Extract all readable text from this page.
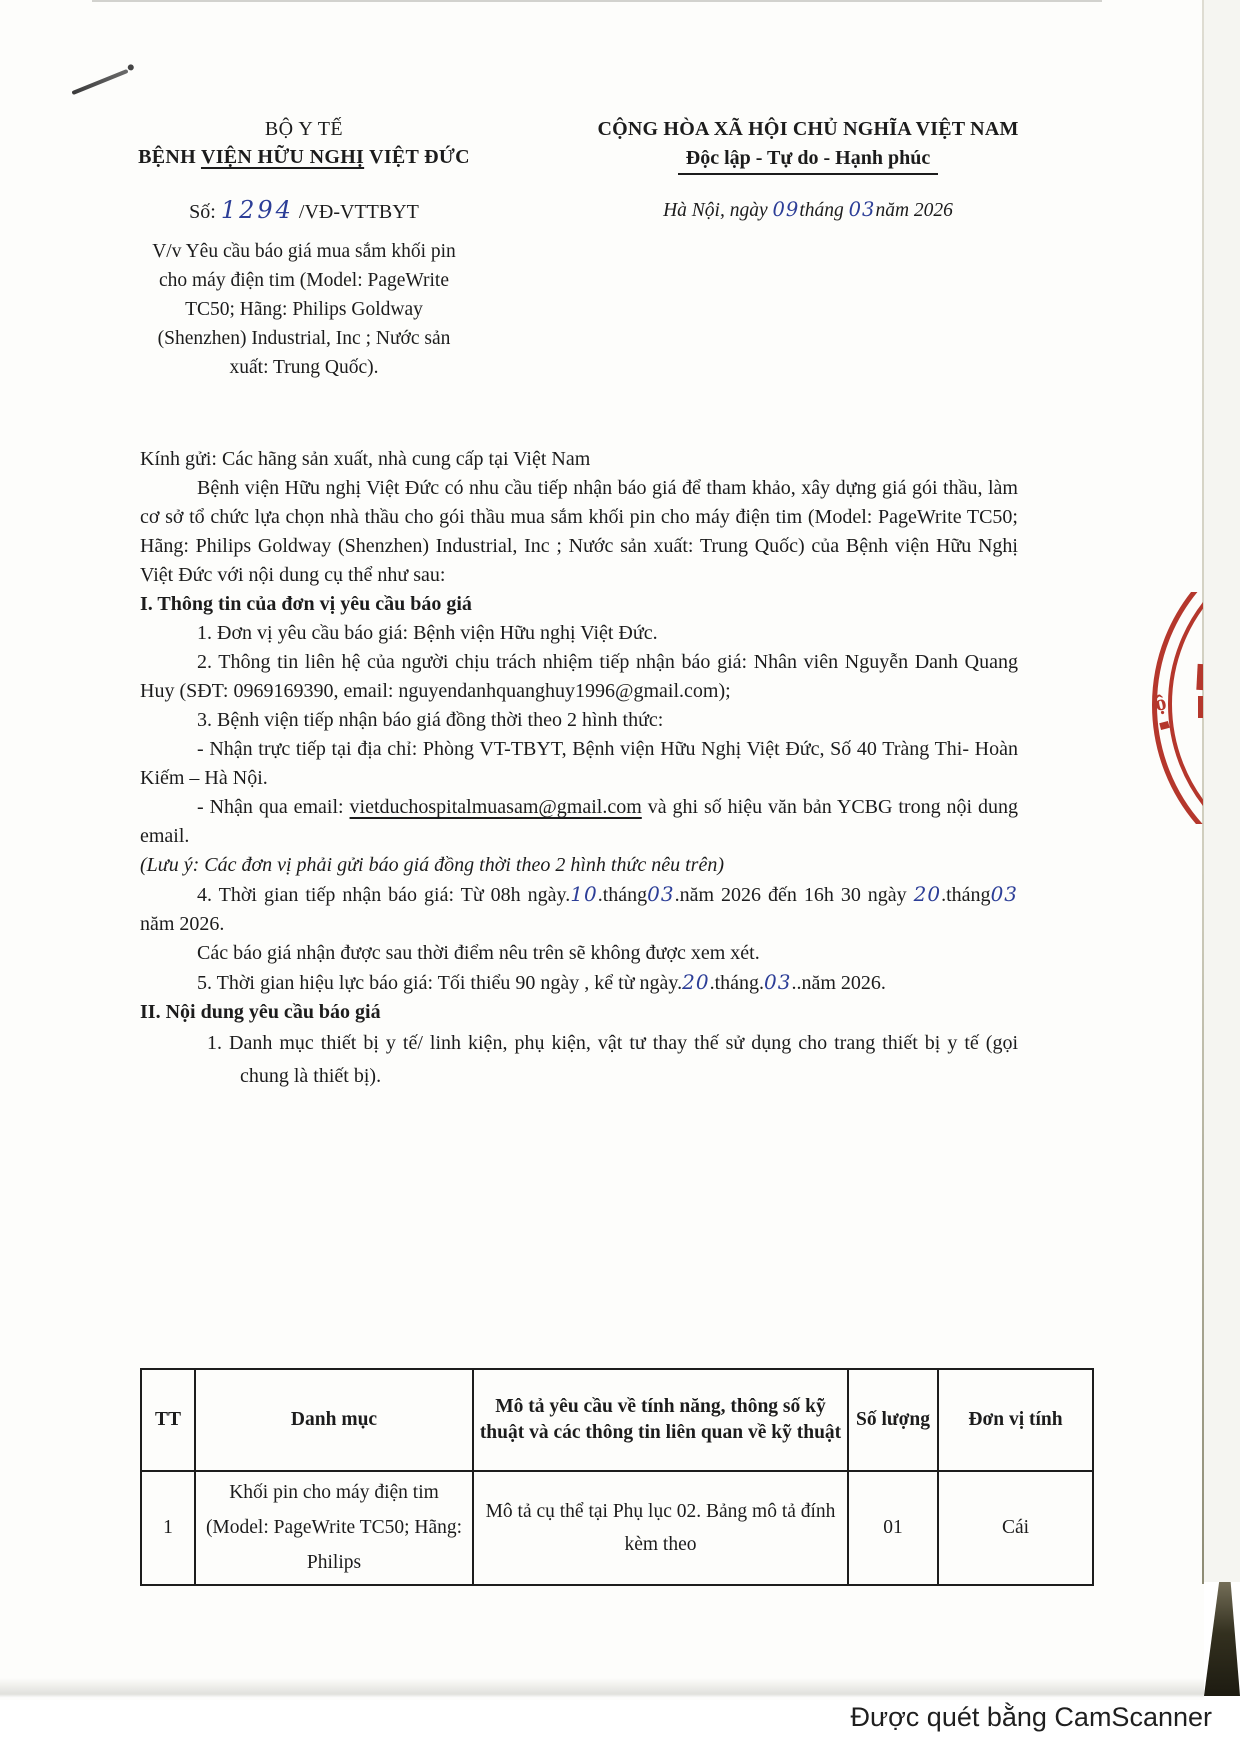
BỘ Y TẾ
BỆNH VIỆN HỮU NGHỊ VIỆT ĐỨC
Số: 1294 /VĐ-VTTBYT
V/v Yêu cầu báo giá mua sắm khối pin
cho máy điện tim (Model: PageWrite
TC50; Hãng: Philips Goldway
(Shenzhen) Industrial, Inc ; Nước sản
xuất: Trung Quốc).
CỘNG HÒA XÃ HỘI CHỦ NGHĨA VIỆT NAM
Độc lập - Tự do - Hạnh phúc
Hà Nội, ngày 09tháng 03năm 2026

Kính gửi: Các hãng sản xuất, nhà cung cấp tại Việt Nam

Bệnh viện Hữu nghị Việt Đức có nhu cầu tiếp nhận báo giá để tham khảo, xây dựng giá gói thầu, làm cơ sở tổ chức lựa chọn nhà thầu cho gói thầu mua sắm khối pin cho máy điện tim (Model: PageWrite TC50; Hãng: Philips Goldway (Shenzhen) Industrial, Inc ; Nước sản xuất: Trung Quốc) của Bệnh viện Hữu Nghị Việt Đức với nội dung cụ thể như sau:

I. Thông tin của đơn vị yêu cầu báo giá

1. Đơn vị yêu cầu báo giá: Bệnh viện Hữu nghị Việt Đức.

2. Thông tin liên hệ của người chịu trách nhiệm tiếp nhận báo giá: Nhân viên Nguyễn Danh Quang Huy (SĐT: 0969169390, email: nguyendanhquanghuy1996@gmail.com);

3. Bệnh viện tiếp nhận báo giá đồng thời theo 2 hình thức:

- Nhận trực tiếp tại địa chỉ: Phòng VT-TBYT, Bệnh viện Hữu Nghị Việt Đức, Số 40 Tràng Thi- Hoàn Kiếm – Hà Nội.

- Nhận qua email: vietduchospitalmuasam@gmail.com và ghi số hiệu văn bản YCBG trong nội dung email.

(Lưu ý: Các đơn vị phải gửi báo giá đồng thời theo 2 hình thức nêu trên)

4. Thời gian tiếp nhận báo giá: Từ 08h ngày.10.tháng03.năm 2026 đến 16h 30 ngày 20.tháng03 năm 2026.

Các báo giá nhận được sau thời điểm nêu trên sẽ không được xem xét.

5. Thời gian hiệu lực báo giá: Tối thiểu 90 ngày , kể từ ngày.20.tháng.03..năm 2026.

II. Nội dung yêu cầu báo giá

1. Danh mục thiết bị y tế/ linh kiện, phụ kiện, vật tư thay thế sử dụng cho trang thiết bị y tế (gọi chung là thiết bị).

TT	Danh mục	Mô tả yêu cầu về tính năng, thông số kỹ thuật và các thông tin liên quan về kỹ thuật	Số lượng	Đơn vị tính
1	Khối pin cho máy điện tim (Model: PageWrite TC50; Hãng: Philips	Mô tả cụ thể tại Phụ lục 02. Bảng mô tả đính kèm theo	01	Cái
ộ
Được quét bằng CamScanner
